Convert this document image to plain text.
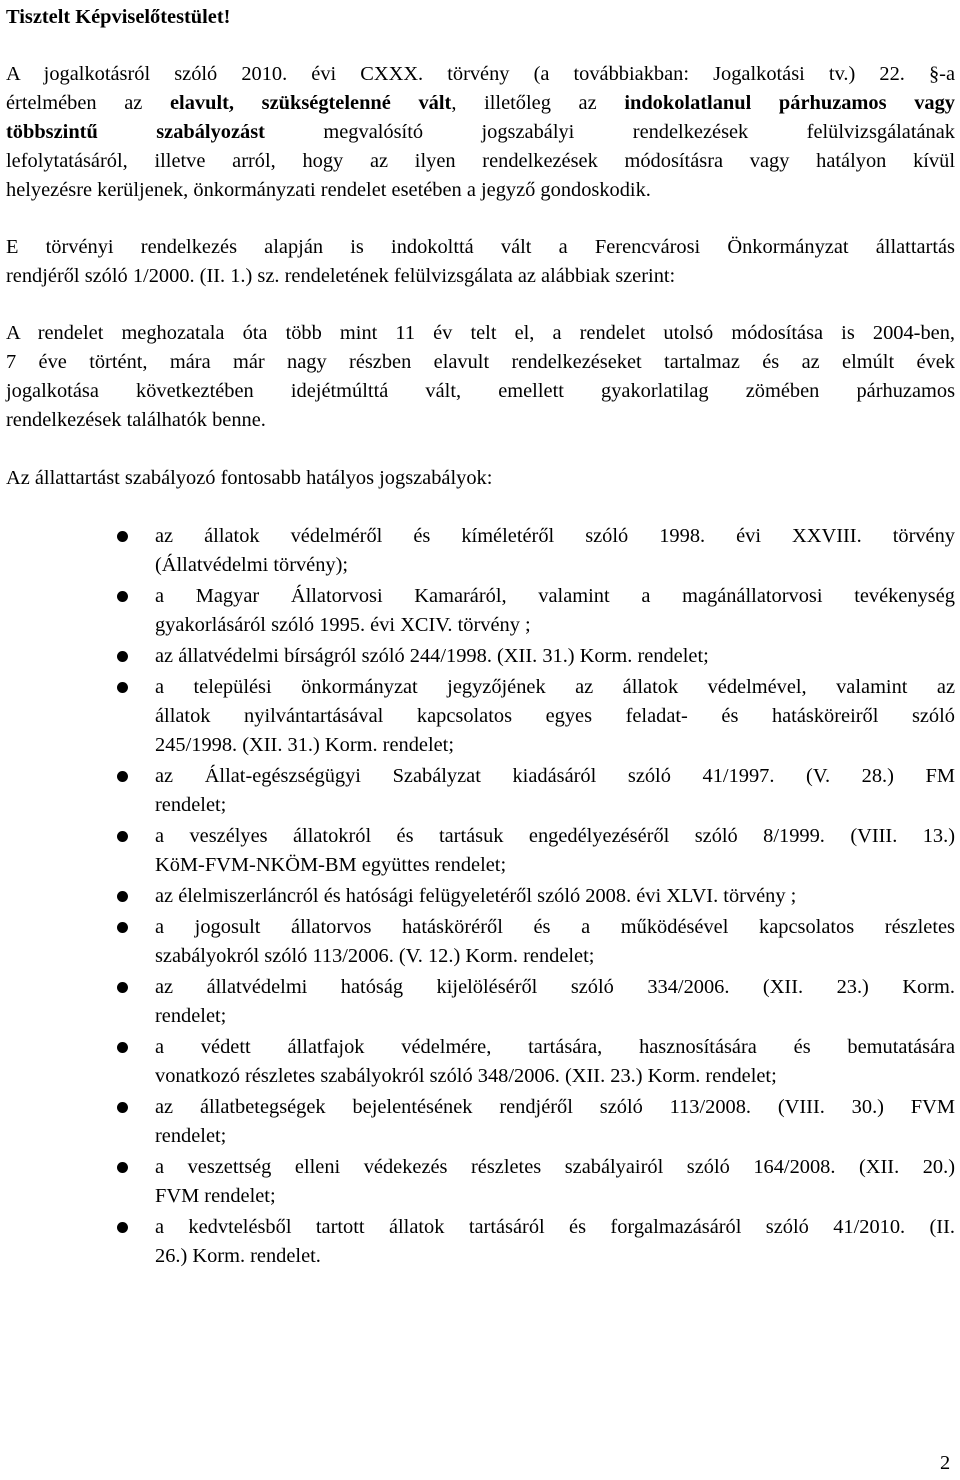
Tisztelt Képviselőtestület!
A jogalkotásról szóló 2010. évi CXXX. törvény (a továbbiakban: Jogalkotási tv.) 22. §-a
értelmében az elavult, szükségtelenné vált, illetőleg az indokolatlanul párhuzamos vagy
többszintű szabályozást megvalósító jogszabályi rendelkezések felülvizsgálatának
lefolytatásáról, illetve arról, hogy az ilyen rendelkezések módosításra vagy hatályon kívül
helyezésre kerüljenek, önkormányzati rendelet esetében a jegyző gondoskodik.
E törvényi rendelkezés alapján is indokolttá vált a Ferencvárosi Önkormányzat állattartás
rendjéről szóló 1/2000. (II. 1.) sz. rendeletének felülvizsgálata az alábbiak szerint:
A rendelet meghozatala óta több mint 11 év telt el, a rendelet utolsó módosítása is 2004-ben,
7 éve történt, mára már nagy részben elavult rendelkezéseket tartalmaz és az elmúlt évek
jogalkotása következtében idejétmúlttá vált, emellett gyakorlatilag zömében párhuzamos
rendelkezések találhatók benne.
Az állattartást szabályozó fontosabb hatályos jogszabályok:
az állatok védelméről és kíméletéről szóló 1998. évi XXVIII. törvény
(Állatvédelmi törvény);
a Magyar Állatorvosi Kamaráról, valamint a magánállatorvosi tevékenység
gyakorlásáról szóló 1995. évi XCIV. törvény ;
az állatvédelmi bírságról szóló 244/1998. (XII. 31.) Korm. rendelet;
a települési önkormányzat jegyzőjének az állatok védelmével, valamint az
állatok nyilvántartásával kapcsolatos egyes feladat- és hatásköreiről szóló
245/1998. (XII. 31.) Korm. rendelet;
az Állat-egészségügyi Szabályzat kiadásáról szóló 41/1997. (V. 28.) FM
rendelet;
a veszélyes állatokról és tartásuk engedélyezéséről szóló 8/1999. (VIII. 13.)
KöM-FVM-NKÖM-BM együttes rendelet;
az élelmiszerláncról és hatósági felügyeletéről szóló 2008. évi XLVI. törvény ;
a jogosult állatorvos hatásköréről és a működésével kapcsolatos részletes
szabályokról szóló 113/2006. (V. 12.) Korm. rendelet;
az állatvédelmi hatóság kijelöléséről szóló 334/2006. (XII. 23.) Korm.
rendelet;
a védett állatfajok védelmére, tartására, hasznosítására és bemutatására
vonatkozó részletes szabályokról szóló 348/2006. (XII. 23.) Korm. rendelet;
az állatbetegségek bejelentésének rendjéről szóló 113/2008. (VIII. 30.) FVM
rendelet;
a veszettség elleni védekezés részletes szabályairól szóló 164/2008. (XII. 20.)
FVM rendelet;
a kedvtelésből tartott állatok tartásáról és forgalmazásáról szóló 41/2010. (II.
26.) Korm. rendelet.
2
